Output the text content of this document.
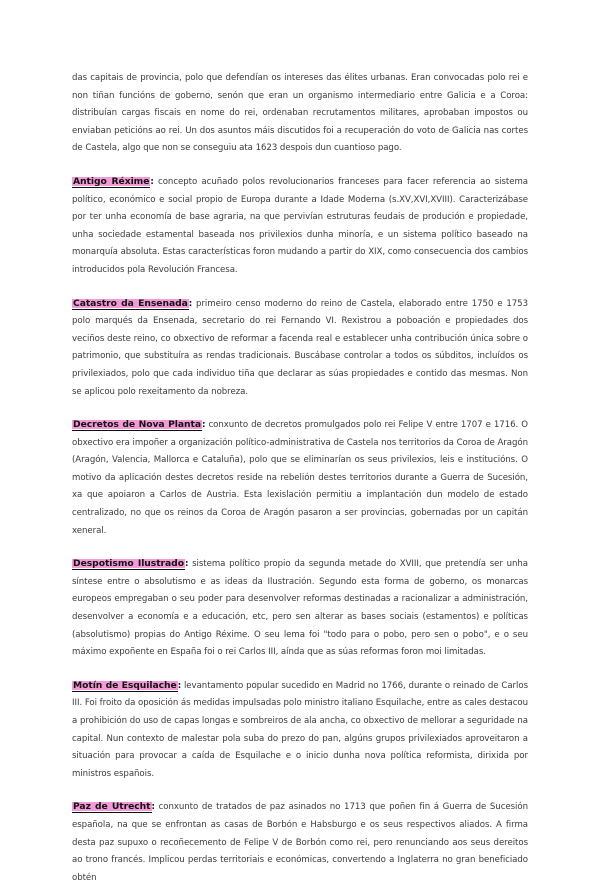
das capitais de provincia, polo que defendían os intereses das élites urbanas. Eran convocadas polo rei e non tiñan funcións de goberno, senón que eran un organismo intermediario entre Galicia e a Coroa: distribuían cargas fiscais en nome do rei, ordenaban recrutamentos militares, aprobaban impostos ou enviaban peticións ao rei. Un dos asuntos máis discutidos foi a recuperación do voto de Galicia nas cortes de Castela, algo que non se conseguiu ata 1623 despois dun cuantioso pago.

Antigo Réxime: concepto acuñado polos revolucionarios franceses para facer referencia ao sistema político, económico e social propio de Europa durante a Idade Moderna (s.XV,XVI,XVIII). Caracterizábase por ter unha economía de base agraria, na que pervivían estruturas feudais de produción e propiedade, unha sociedade estamental baseada nos privilexios dunha minoría, e un sistema político baseado na monarquía absoluta. Estas características foron mudando a partir do XIX, como consecuencia dos cambios introducidos pola Revolución Francesa.

Catastro da Ensenada: primeiro censo moderno do reino de Castela, elaborado entre 1750 e 1753 polo marqués da Ensenada, secretario do rei Fernando VI. Rexistrou a poboación e propiedades dos veciños deste reino, co obxectivo de reformar a facenda real e establecer unha contribución única sobre o patrimonio, que substituíra as rendas tradicionais. Buscábase controlar a todos os súbditos, incluídos os privilexiados, polo que cada individuo tiña que declarar as súas propiedades e contido das mesmas. Non se aplicou polo rexeitamento da nobreza.

Decretos de Nova Planta: conxunto de decretos promulgados polo rei Felipe V entre 1707 e 1716. O obxectivo era impoñer a organización político-administrativa de Castela nos territorios da Coroa de Aragón (Aragón, Valencia, Mallorca e Cataluña), polo que se eliminarían os seus privilexios, leis e institucións. O motivo da aplicación destes decretos reside na rebelión destes territorios durante a Guerra de Sucesión, xa que apoiaron a Carlos de Austria. Esta lexislación permitiu a implantación dun modelo de estado centralizado, no que os reinos da Coroa de Aragón pasaron a ser provincias, gobernadas por un capitán xeneral.

Despotismo Ilustrado: sistema político propio da segunda metade do XVIII, que pretendía ser unha síntese entre o absolutismo e as ideas da Ilustración. Segundo esta forma de goberno, os monarcas europeos empregaban o seu poder para desenvolver reformas destinadas a racionalizar a administración, desenvolver a economía e a educación, etc, pero sen alterar as bases sociais (estamentos) e políticas (absolutismo) propias do Antigo Réxime. O seu lema foi "todo para o pobo, pero sen o pobo", e o seu máximo expoñente en España foi o rei Carlos III, aínda que as súas reformas foron moi limitadas.

Motín de Esquilache: levantamento popular sucedido en Madrid no 1766, durante o reinado de Carlos III. Foi froito da oposición ás medidas impulsadas polo ministro italiano Esquilache, entre as cales destacou a prohibición do uso de capas longas e sombreiros de ala ancha, co obxectivo de mellorar a seguridade na capital. Nun contexto de malestar pola suba do prezo do pan, algúns grupos privilexiados aproveitaron a situación para provocar a caída de Esquilache e o inicio dunha nova política reformista, dirixida por ministros españois.

Paz de Utrecht: conxunto de tratados de paz asinados no 1713 que poñen fin á Guerra de Sucesión española, na que se enfrontan as casas de Borbón e Habsburgo e os seus respectivos aliados. A firma desta paz supuxo o recoñecemento de Felipe V de Borbón como rei, pero renunciando aos seus dereitos ao trono francés. Implicou perdas territoriais e económicas, convertendo a Inglaterra no gran beneficiado obtén
